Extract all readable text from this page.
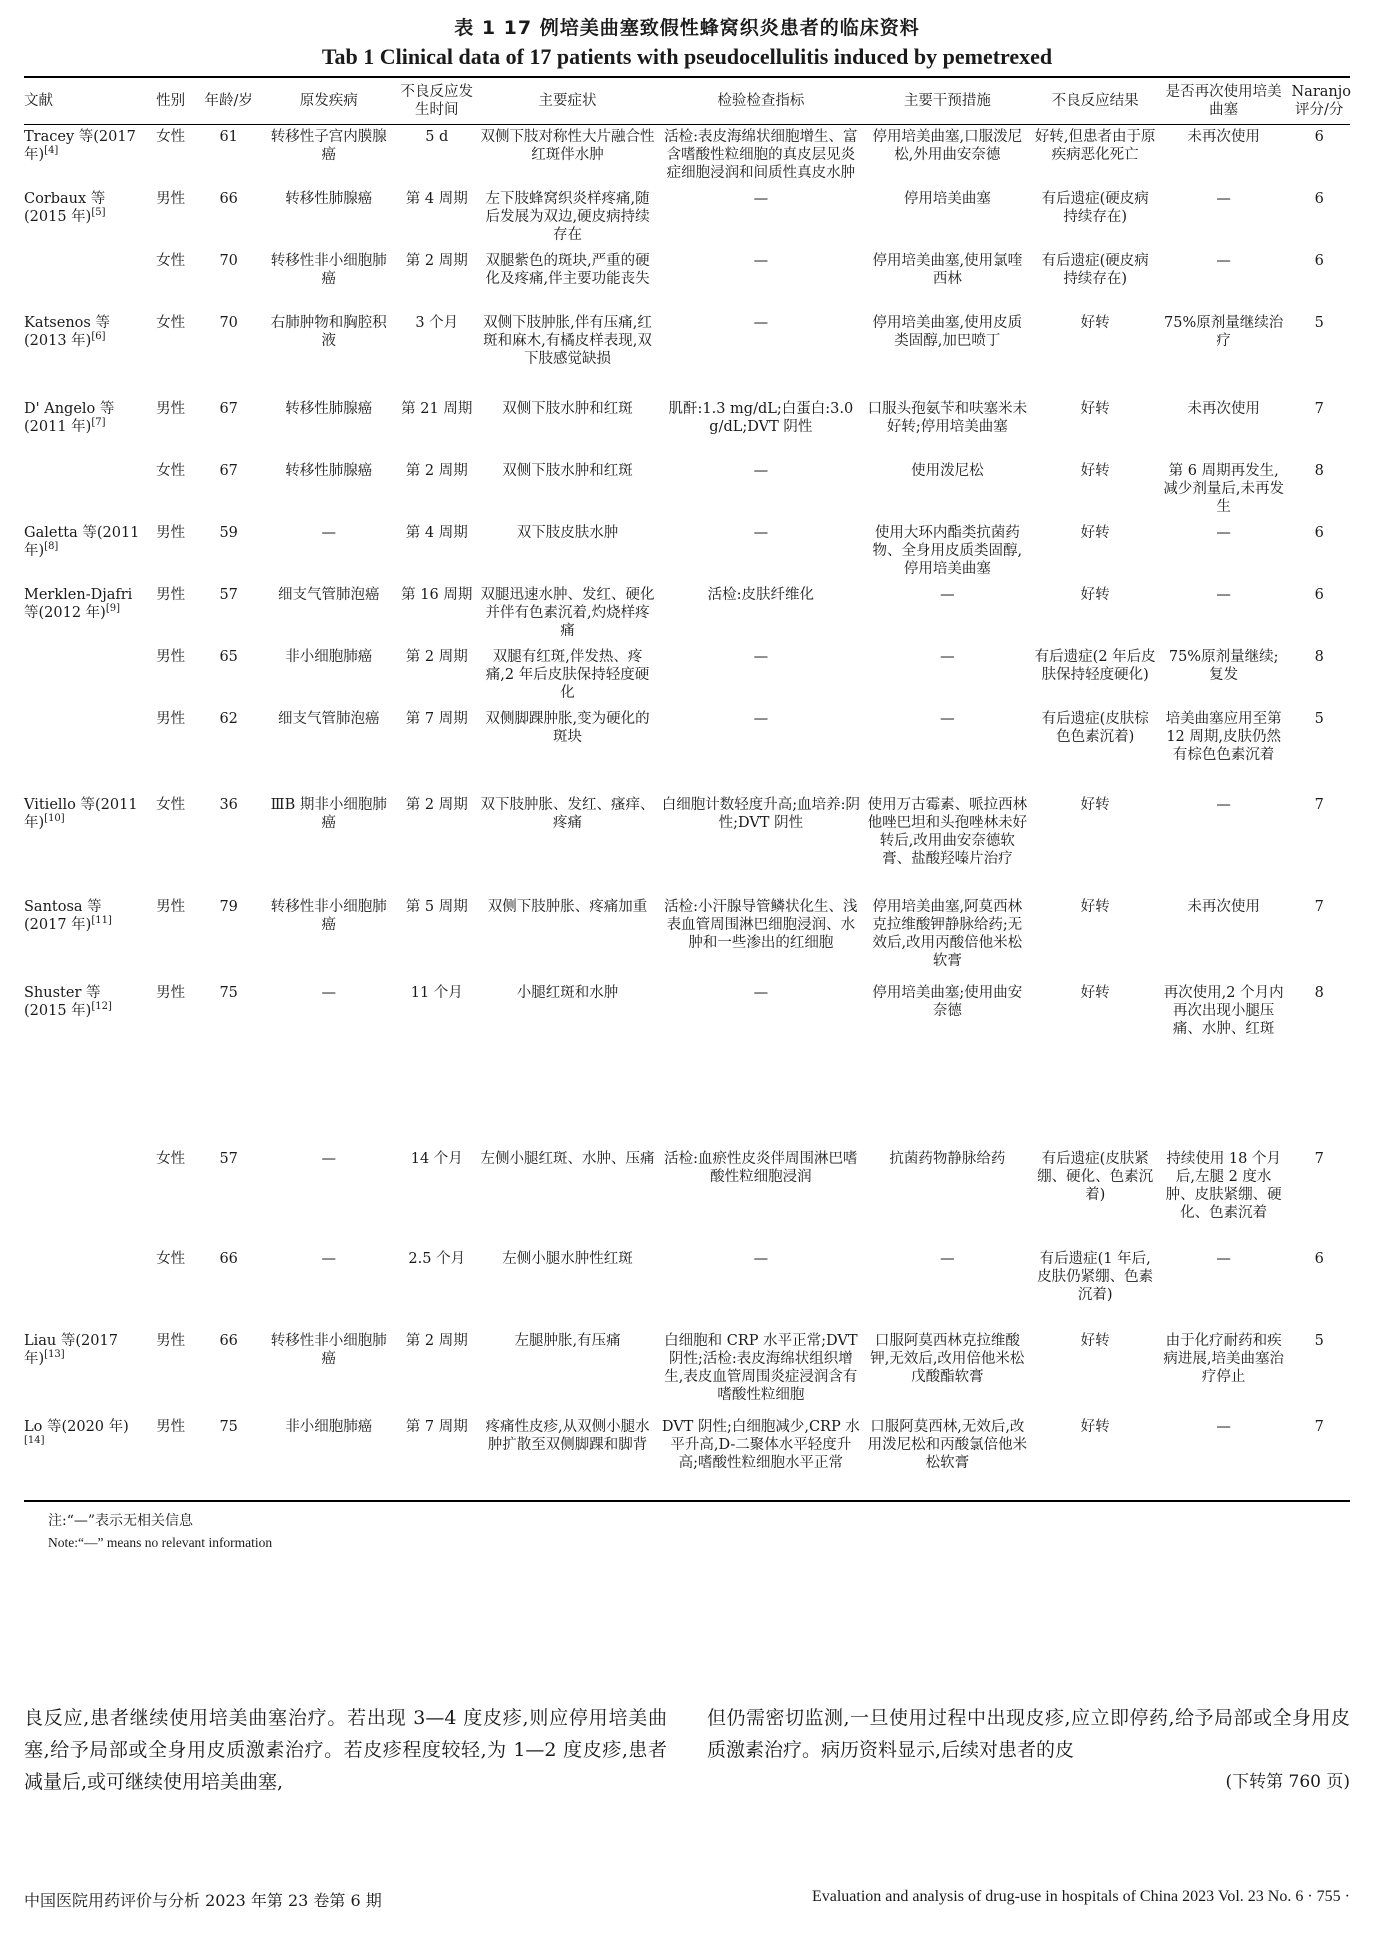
表 1 17 例培美曲塞致假性蜂窝织炎患者的临床资料
Tab 1 Clinical data of 17 patients with pseudocellulitis induced by pemetrexed
文献	性别	年龄/岁	原发疾病	不良反应发生时间	主要症状	检验检查指标	主要干预措施	不良反应结果	是否再次使用培美曲塞	Naranjo评分/分
Tracey 等(2017 年)[4]	女性	61	转移性子宫内膜腺癌	5 d	双侧下肢对称性大片融合性红斑伴水肿	活检:表皮海绵状细胞增生、富含嗜酸性粒细胞的真皮层见炎症细胞浸润和间质性真皮水肿	停用培美曲塞,口服泼尼松,外用曲安奈德	好转,但患者由于原疾病恶化死亡	未再次使用	6
Corbaux 等(2015 年)[5]	男性	66	转移性肺腺癌	第 4 周期	左下肢蜂窝织炎样疼痛,随后发展为双边,硬皮病持续存在	—	停用培美曲塞	有后遗症(硬皮病持续存在)	—	6
	女性	70	转移性非小细胞肺癌	第 2 周期	双腿紫色的斑块,严重的硬化及疼痛,伴主要功能丧失	—	停用培美曲塞,使用氯喹西林	有后遗症(硬皮病持续存在)	—	6
Katsenos 等(2013 年)[6]	女性	70	右肺肿物和胸腔积液	3 个月	双侧下肢肿胀,伴有压痛,红斑和麻木,有橘皮样表现,双下肢感觉缺损	—	停用培美曲塞,使用皮质类固醇,加巴喷丁	好转	75%原剂量继续治疗	5
D' Angelo 等(2011 年)[7]	男性	67	转移性肺腺癌	第 21 周期	双侧下肢水肿和红斑	肌酐:1.3 mg/dL;白蛋白:3.0 g/dL;DVT 阴性	口服头孢氨苄和呋塞米未好转;停用培美曲塞	好转	未再次使用	7
	女性	67	转移性肺腺癌	第 2 周期	双侧下肢水肿和红斑	—	使用泼尼松	好转	第 6 周期再发生,减少剂量后,未再发生	8
Galetta 等(2011 年)[8]	男性	59	—	第 4 周期	双下肢皮肤水肿	—	使用大环内酯类抗菌药物、全身用皮质类固醇,停用培美曲塞	好转	—	6
Merklen-Djafri 等(2012 年)[9]	男性	57	细支气管肺泡癌	第 16 周期	双腿迅速水肿、发红、硬化并伴有色素沉着,灼烧样疼痛	活检:皮肤纤维化	—	好转	—	6
	男性	65	非小细胞肺癌	第 2 周期	双腿有红斑,伴发热、疼痛,2 年后皮肤保持轻度硬化	—	—	有后遗症(2 年后皮肤保持轻度硬化)	75%原剂量继续;复发	8
	男性	62	细支气管肺泡癌	第 7 周期	双侧脚踝肿胀,变为硬化的斑块	—	—	有后遗症(皮肤棕色色素沉着)	培美曲塞应用至第 12 周期,皮肤仍然有棕色色素沉着	5
Vitiello 等(2011 年)[10]	女性	36	ⅢB 期非小细胞肺癌	第 2 周期	双下肢肿胀、发红、瘙痒、疼痛	白细胞计数轻度升高;血培养:阴性;DVT 阴性	使用万古霉素、哌拉西林他唑巴坦和头孢唑林未好转后,改用曲安奈德软膏、盐酸羟嗪片治疗	好转	—	7
Santosa 等(2017 年)[11]	男性	79	转移性非小细胞肺癌	第 5 周期	双侧下肢肿胀、疼痛加重	活检:小汗腺导管鳞状化生、浅表血管周围淋巴细胞浸润、水肿和一些渗出的红细胞	停用培美曲塞,阿莫西林克拉维酸钾静脉给药;无效后,改用丙酸倍他米松软膏	好转	未再次使用	7
Shuster 等(2015 年)[12]	男性	75	—	11 个月	小腿红斑和水肿	—	停用培美曲塞;使用曲安奈德	好转	再次使用,2 个月内再次出现小腿压痛、水肿、红斑	8
	女性	57	—	14 个月	左侧小腿红斑、水肿、压痛	活检:血瘀性皮炎伴周围淋巴嗜酸性粒细胞浸润	抗菌药物静脉给药	有后遗症(皮肤紧绷、硬化、色素沉着)	持续使用 18 个月后,左腿 2 度水肿、皮肤紧绷、硬化、色素沉着	7
	女性	66	—	2.5 个月	左侧小腿水肿性红斑	—	—	有后遗症(1 年后,皮肤仍紧绷、色素沉着)	—	6
Liau 等(2017 年)[13]	男性	66	转移性非小细胞肺癌	第 2 周期	左腿肿胀,有压痛	白细胞和 CRP 水平正常;DVT 阴性;活检:表皮海绵状组织增生,表皮血管周围炎症浸润含有嗜酸性粒细胞	口服阿莫西林克拉维酸钾,无效后,改用倍他米松戊酸酯软膏	好转	由于化疗耐药和疾病进展,培美曲塞治疗停止	5
Lo 等(2020 年)[14]	男性	75	非小细胞肺癌	第 7 周期	疼痛性皮疹,从双侧小腿水肿扩散至双侧脚踝和脚背	DVT 阴性;白细胞减少,CRP 水平升高,D-二聚体水平轻度升高;嗜酸性粒细胞水平正常	口服阿莫西林,无效后,改用泼尼松和丙酸氯倍他米松软膏	好转	—	7
注:“—”表示无相关信息
Note:“—” means no relevant information
良反应,患者继续使用培美曲塞治疗。若出现 3—4 度皮疹,则应停用培美曲塞,给予局部或全身用皮质激素治疗。若皮疹程度较轻,为 1—2 度皮疹,患者减量后,或可继续使用培美曲塞,
但仍需密切监测,一旦使用过程中出现皮疹,应立即停药,给予局部或全身用皮质激素治疗。病历资料显示,后续对患者的皮
(下转第 760 页)
中国医院用药评价与分析 2023 年第 23 卷第 6 期	Evaluation and analysis of drug-use in hospitals of China 2023 Vol. 23 No. 6 · 755 ·
